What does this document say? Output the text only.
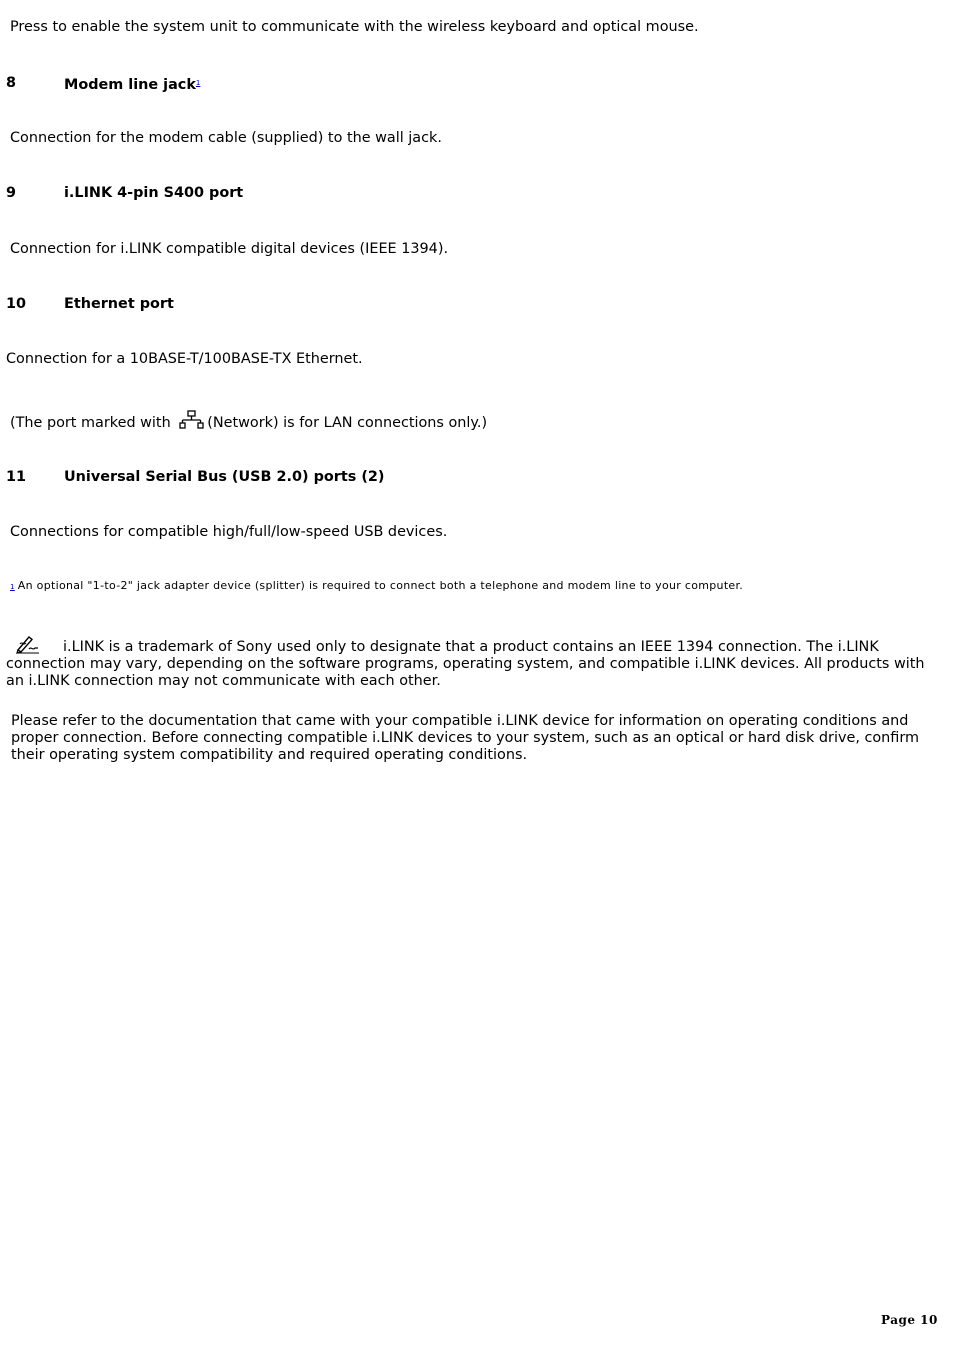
Press to enable the system unit to communicate with the wireless keyboard and optical mouse.
8	Modem line jack$^1$
Connection for the modem cable (supplied) to the wall jack.
9	i.LINK 4-pin S400 port
Connection for i.LINK compatible digital devices (IEEE 1394).
10	Ethernet port
Connection for a 10BASE-T/100BASE-TX Ethernet.
(The port marked with (Network) is for LAN connections only.)
11	Universal Serial Bus (USB 2.0) ports (2)
Connections for compatible high/full/low-speed USB devices.
1 An optional "1-to-2" jack adapter device (splitter) is required to connect both a telephone and modem line to your computer.
i.LINK is a trademark of Sony used only to designate that a product contains an IEEE 1394 connection. The i.LINK connection may vary, depending on the software programs, operating system, and compatible i.LINK devices. All products with an i.LINK connection may not communicate with each other.
Please refer to the documentation that came with your compatible i.LINK device for information on operating conditions and proper connection. Before connecting compatible i.LINK devices to your system, such as an optical or hard disk drive, confirm their operating system compatibility and required operating conditions.
Page 10
